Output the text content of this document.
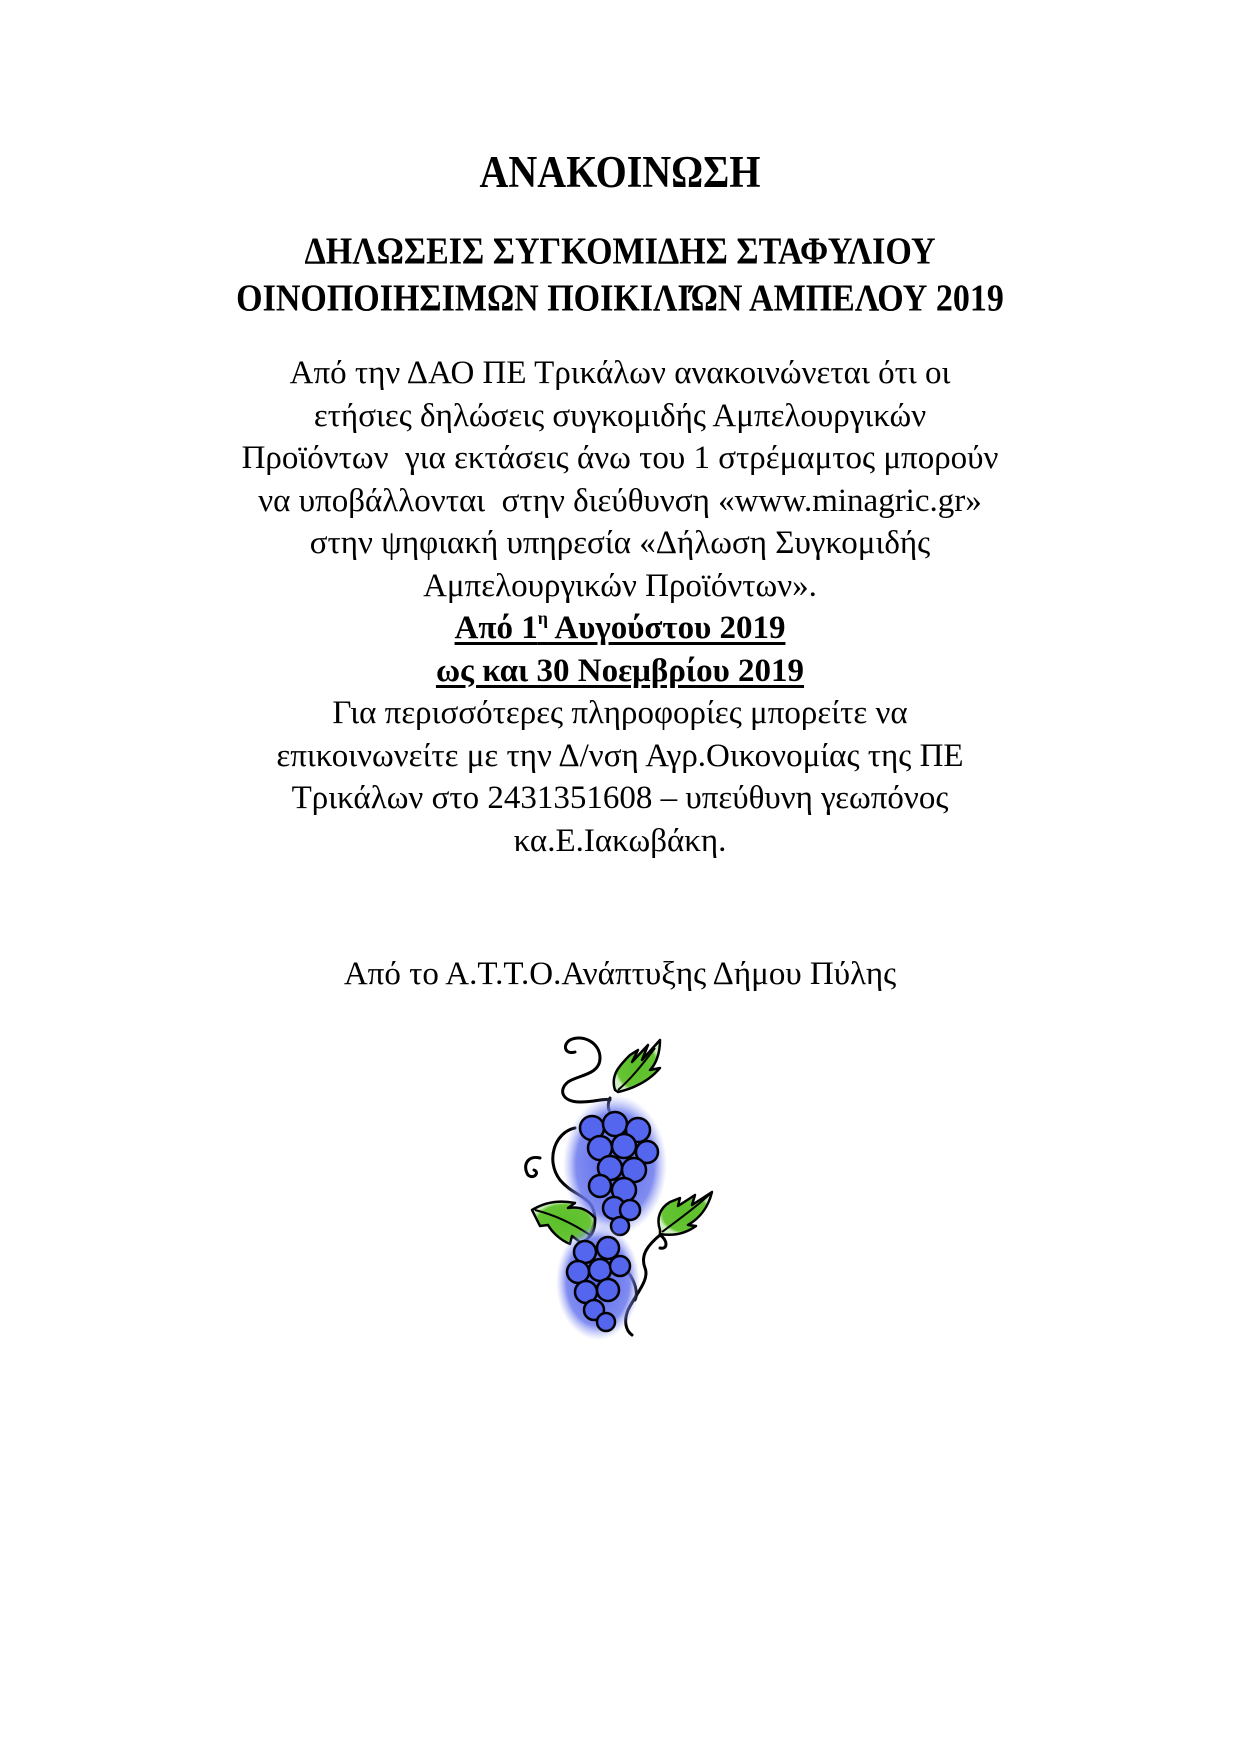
ΑΝΑΚΟΙΝΩΣΗ
ΔΗΛΩΣΕΙΣ ΣΥΓΚΟΜΙΔΗΣ ΣΤΑΦΥΛΙΟΥ
ΟΙΝΟΠΟΙΗΣΙΜΩΝ ΠΟΙΚΙΛΙΏΝ ΑΜΠΕΛΟΥ 2019
Από την ΔΑΟ ΠΕ Τρικάλων ανακοινώνεται ότι οι
ετήσιες δηλώσεις συγκομιδής Αμπελουργικών
Προϊόντων  για εκτάσεις άνω του 1 στρέμαμτος μπορούν
να υποβάλλονται  στην διεύθυνση «www.minagric.gr»
στην ψηφιακή υπηρεσία «Δήλωση Συγκομιδής
Αμπελουργικών Προϊόντων».
Από $1^\eta$ Αυγούστου 2019
ως και 30 Νοεμβρίου 2019
Για περισσότερες πληροφορίες μπορείτε να
επικοινωνείτε με την Δ/νση Αγρ.Οικονομίας της ΠΕ
Τρικάλων στο 2431351608 – υπεύθυνη γεωπόνος
κα.Ε.Ιακωβάκη.
Από το Α.Τ.Τ.Ο.Ανάπτυξης Δήμου Πύλης
